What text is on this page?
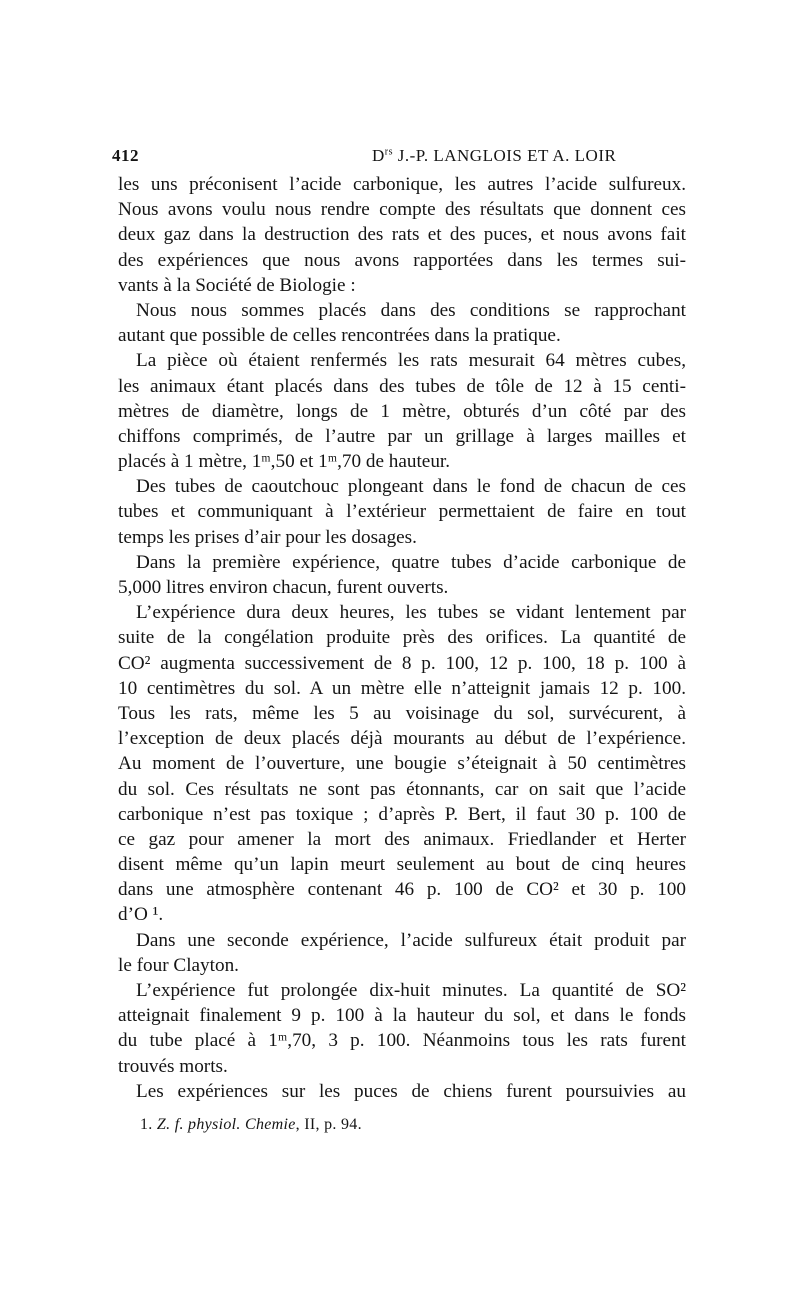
412	$D^{rs}$ J.-P. LANGLOIS ET A. LOIR
les uns préconisent l’acide carbonique, les autres l’acide sulfureux.
Nous avons voulu nous rendre compte des résultats que donnent ces
deux gaz dans la destruction des rats et des puces, et nous avons fait
des expériences que nous avons rapportées dans les termes sui-
vants à la Société de Biologie :
Nous nous sommes placés dans des conditions se rapprochant
autant que possible de celles rencontrées dans la pratique.
La pièce où étaient renfermés les rats mesurait 64 mètres cubes,
les animaux étant placés dans des tubes de tôle de 12 à 15 centi-
mètres de diamètre, longs de 1 mètre, obturés d’un côté par des
chiffons comprimés, de l’autre par un grillage à larges mailles et
placés à 1 mètre, 1ᵐ,50 et 1ᵐ,70 de hauteur.
Des tubes de caoutchouc plongeant dans le fond de chacun de ces
tubes et communiquant à l’extérieur permettaient de faire en tout
temps les prises d’air pour les dosages.
Dans la première expérience, quatre tubes d’acide carbonique de
5,000 litres environ chacun, furent ouverts.
L’expérience dura deux heures, les tubes se vidant lentement par
suite de la congélation produite près des orifices. La quantité de
CO² augmenta successivement de 8 p. 100, 12 p. 100, 18 p. 100 à
10 centimètres du sol. A un mètre elle n’atteignit jamais 12 p. 100.
Tous les rats, même les 5 au voisinage du sol, survécurent, à
l’exception de deux placés déjà mourants au début de l’expérience.
Au moment de l’ouverture, une bougie s’éteignait à 50 centimètres
du sol. Ces résultats ne sont pas étonnants, car on sait que l’acide
carbonique n’est pas toxique ; d’après P. Bert, il faut 30 p. 100 de
ce gaz pour amener la mort des animaux. Friedlander et Herter
disent même qu’un lapin meurt seulement au bout de cinq heures
dans une atmosphère contenant 46 p. 100 de CO² et 30 p. 100
d’O ¹.
Dans une seconde expérience, l’acide sulfureux était produit par
le four Clayton.
L’expérience fut prolongée dix-huit minutes. La quantité de SO²
atteignait finalement 9 p. 100 à la hauteur du sol, et dans le fonds
du tube placé à 1ᵐ,70, 3 p. 100. Néanmoins tous les rats furent
trouvés morts.
Les expériences sur les puces de chiens furent poursuivies au
1. Z. f. physiol. Chemie, II, p. 94.
